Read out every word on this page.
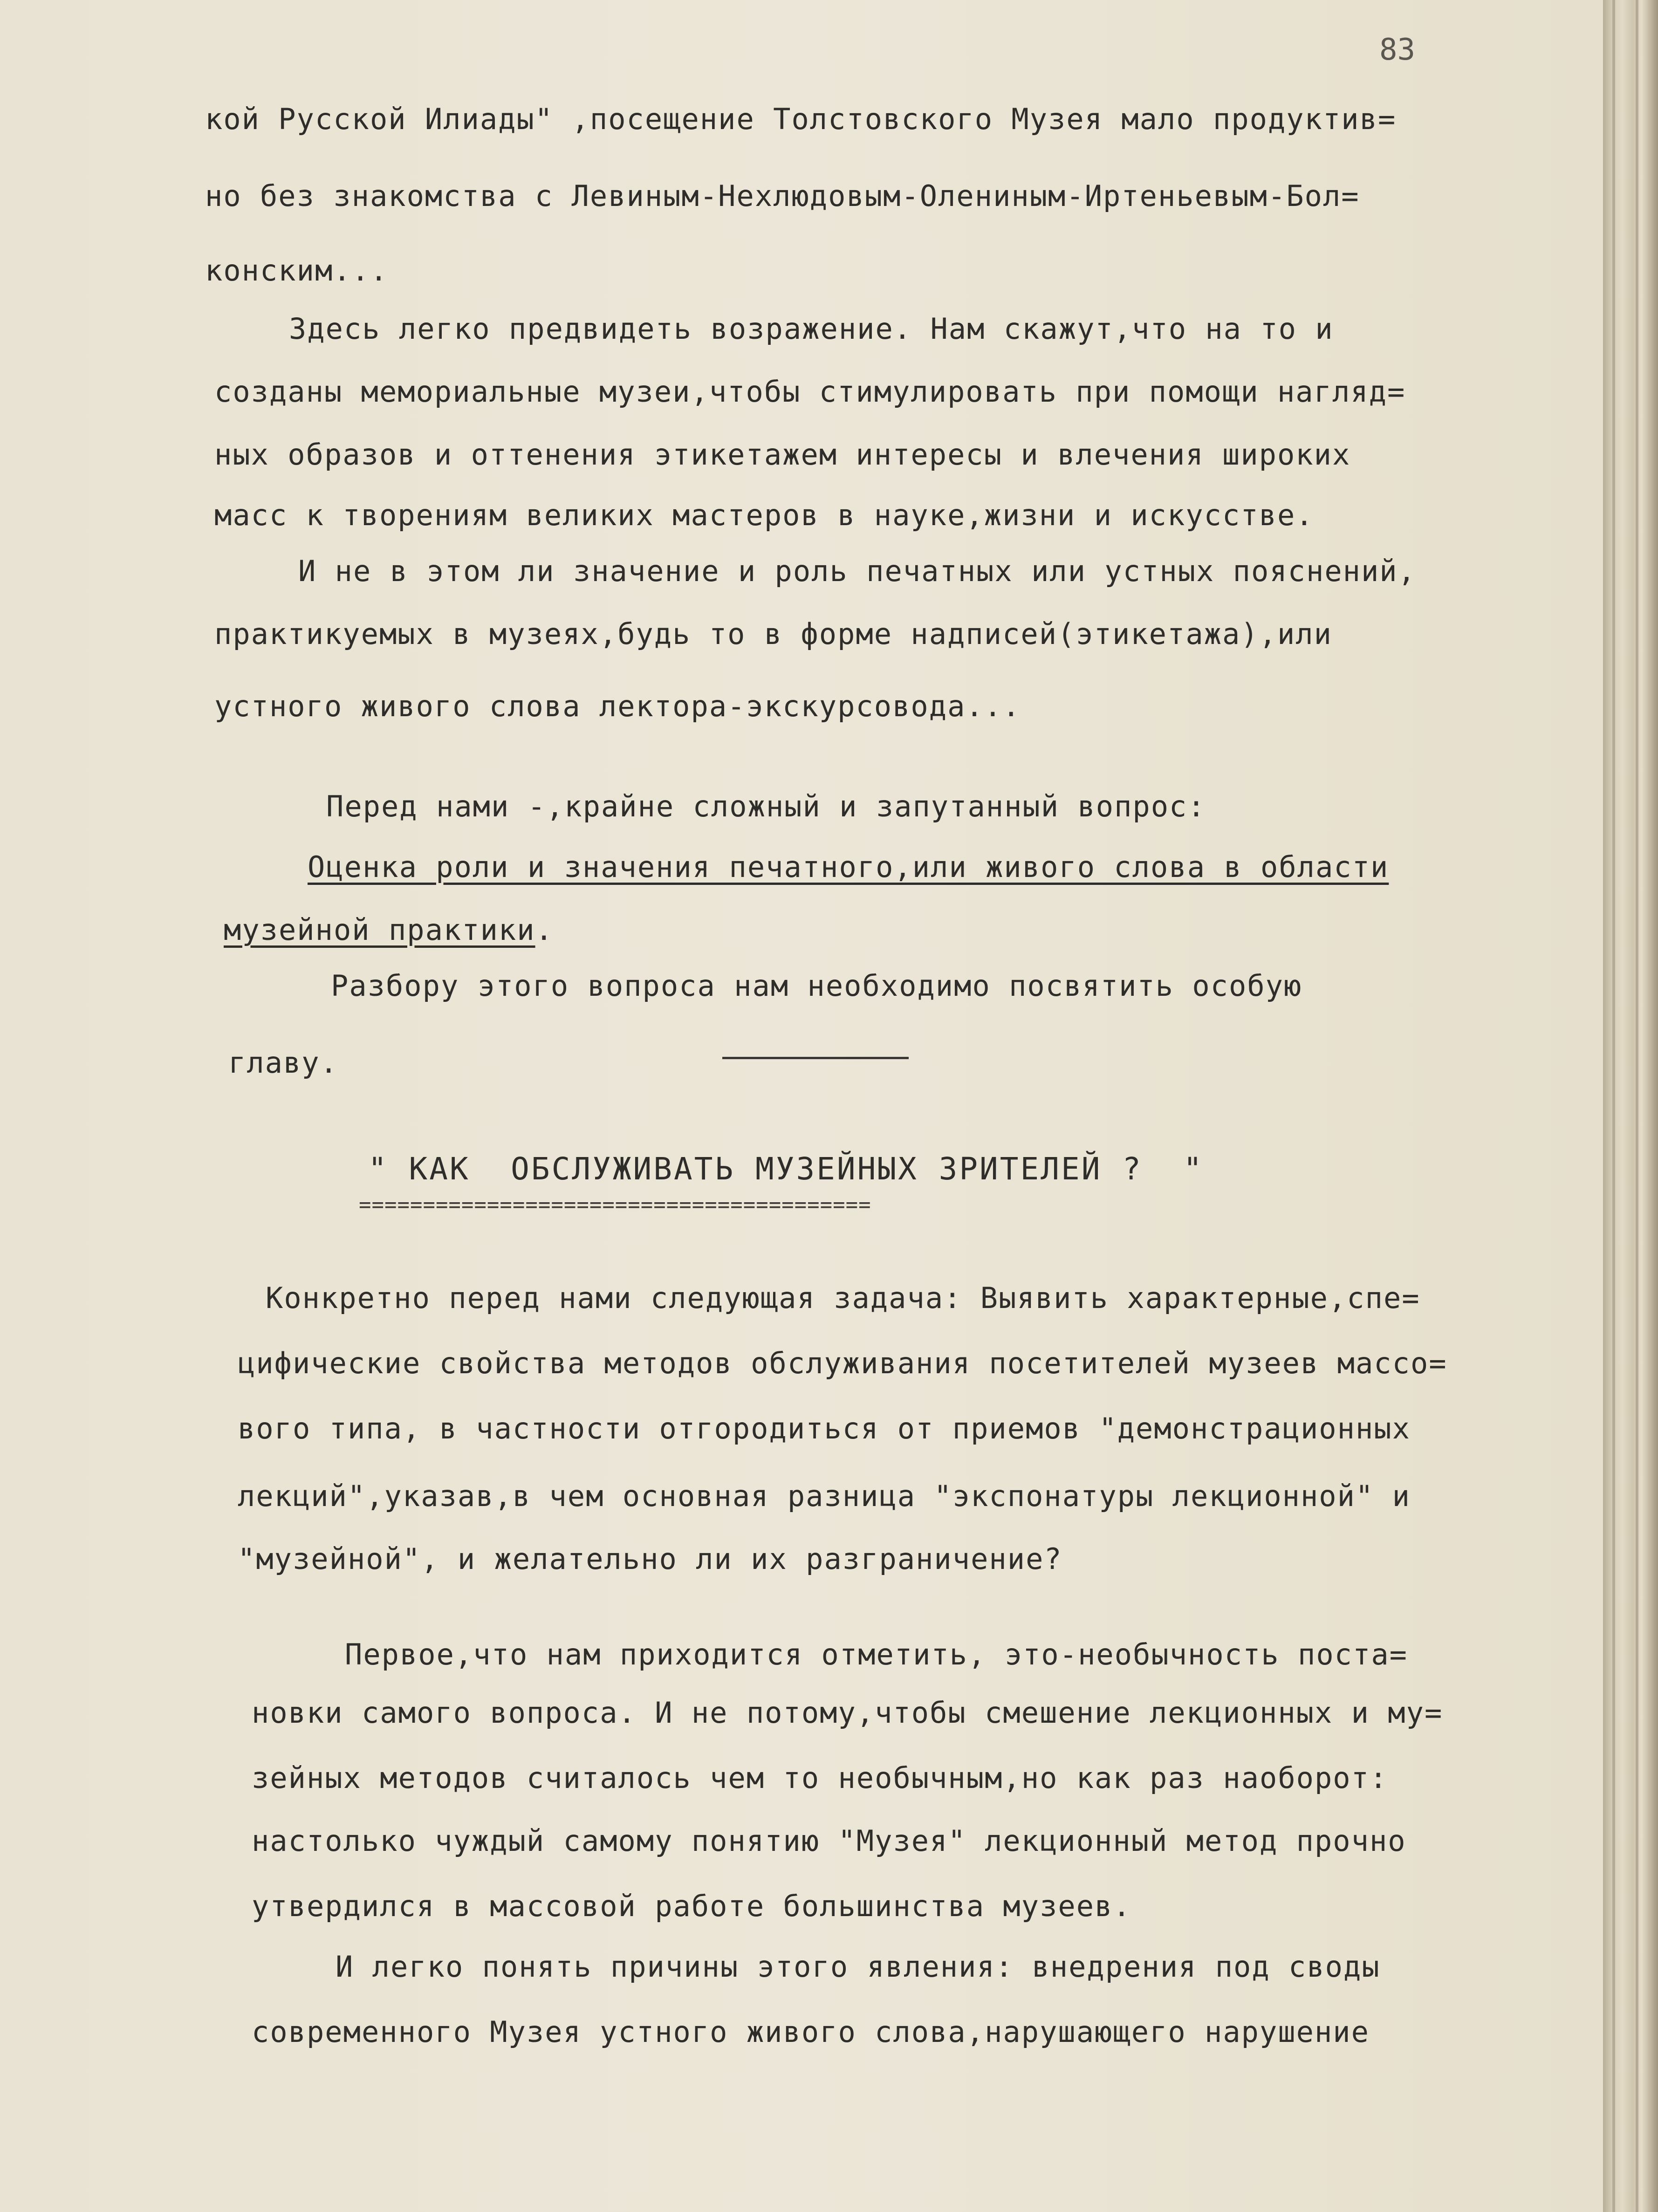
83
кой Русской Илиады" ,посещение Толстовского Музея мало продуктив=
но без знакомства с Левиным-Нехлюдовым-Олениным-Иртеньевым-Бол=
конским...
Здесь легко предвидеть возражение. Нам скажут,что на то и
созданы мемориальные музеи,чтобы стимулировать при помощи нагляд=
ных образов и оттенения этикетажем интересы и влечения широких
масс к творениям великих мастеров в науке,жизни и искусстве.
И не в этом ли значение и роль печатных или устных пояснений,
практикуемых в музеях,будь то в форме надписей(этикетажа),или
устного живого слова лектора-экскурсовода...
Перед нами -,крайне сложный и запутанный вопрос:
Оценка роли и значения печатного,или живого слова в области
музейной практики.
Разбору этого вопроса нам необходимо посвятить особую
главу.
" КАК  ОБСЛУЖИВАТЬ МУЗЕЙНЫХ ЗРИТЕЛЕЙ ?  "
========================================
Конкретно перед нами следующая задача: Выявить характерные,спе=
цифические свойства методов обслуживания посетителей музеев массо=
вого типа, в частности отгородиться от приемов "демонстрационных
лекций",указав,в чем основная разница "экспонатуры лекционной" и
"музейной", и желательно ли их разграничение?
Первое,что нам приходится отметить, это-необычность поста=
новки самого вопроса. И не потому,чтобы смешение лекционных и му=
зейных методов считалось чем то необычным,но как раз наоборот:
настолько чуждый самому понятию "Музея" лекционный метод прочно
утвердился в массовой работе большинства музеев.
И легко понять причины этого явления: внедрения под своды
современного Музея устного живого слова,нарушающего нарушение
